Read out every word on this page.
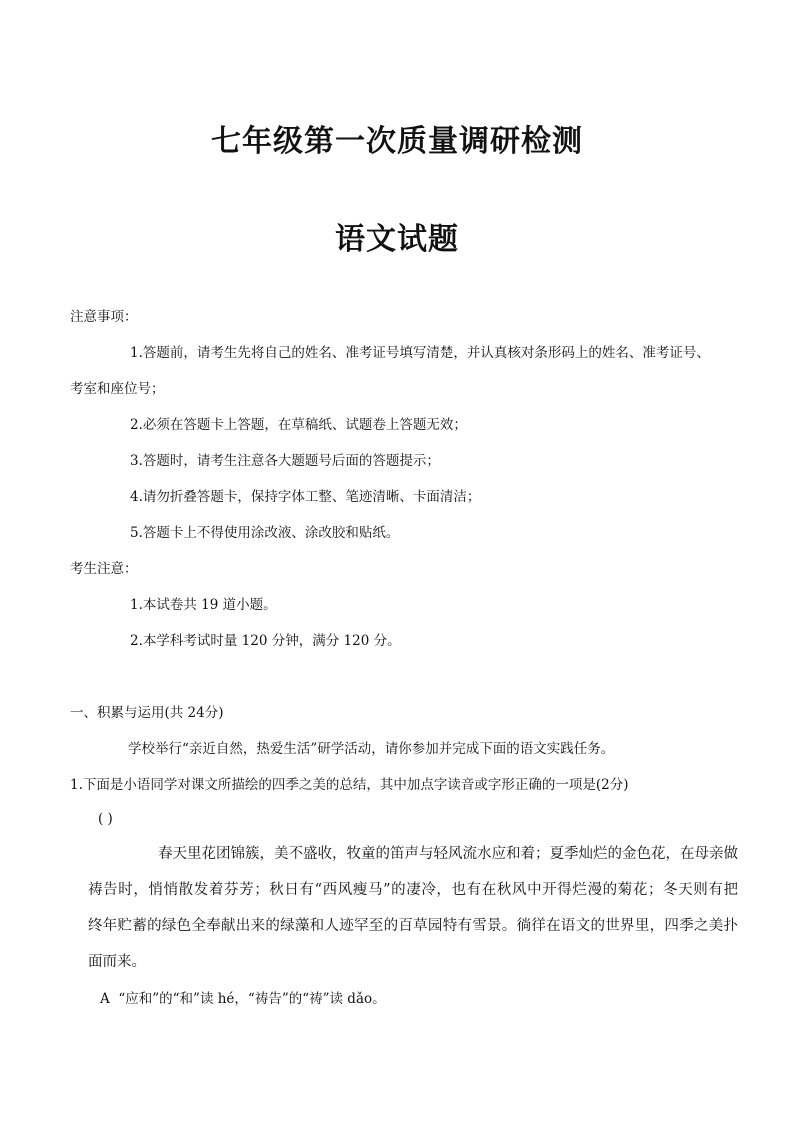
七年级第一次质量调研检测
语文试题
注意事项：
1.答题前，请考生先将自己的姓名、准考证号填写清楚，并认真核对条形码上的姓名、准考证号、
考室和座位号；
2.必须在答题卡上答题，在草稿纸、试题卷上答题无效；
3.答题时，请考生注意各大题题号后面的答题提示；
4.请勿折叠答题卡，保持字体工整、笔迹清晰、卡面清洁；
5.答题卡上不得使用涂改液、涂改胶和贴纸。
考生注意：
1.本试卷共 19 道小题。
2.本学科考试时量 120 分钟，满分 120 分。
一、积累与运用(共 24分)
学校举行“亲近自然，热爱生活”研学活动，请你参加并完成下面的语文实践任务。
1.下面是小语同学对课文所描绘的四季之美的总结，其中加点字读音或字形正确的一项是(2分)
( )
春天里花团锦簇，美不盛收，牧童的笛声与轻风流水应和着；夏季灿烂的金色花，在母亲做
祷告时，悄悄散发着芬芳；秋日有“西风瘦马”的凄冷，也有在秋风中开得烂漫的菊花；冬天则有把
终年贮蓄的绿色全奉献出来的绿藻和人迹罕至的百草园特有雪景。徜徉在语文的世界里，四季之美扑
面而来。
A  “应和”的“和”读 hé，“祷告”的“祷”读 dǎo。
